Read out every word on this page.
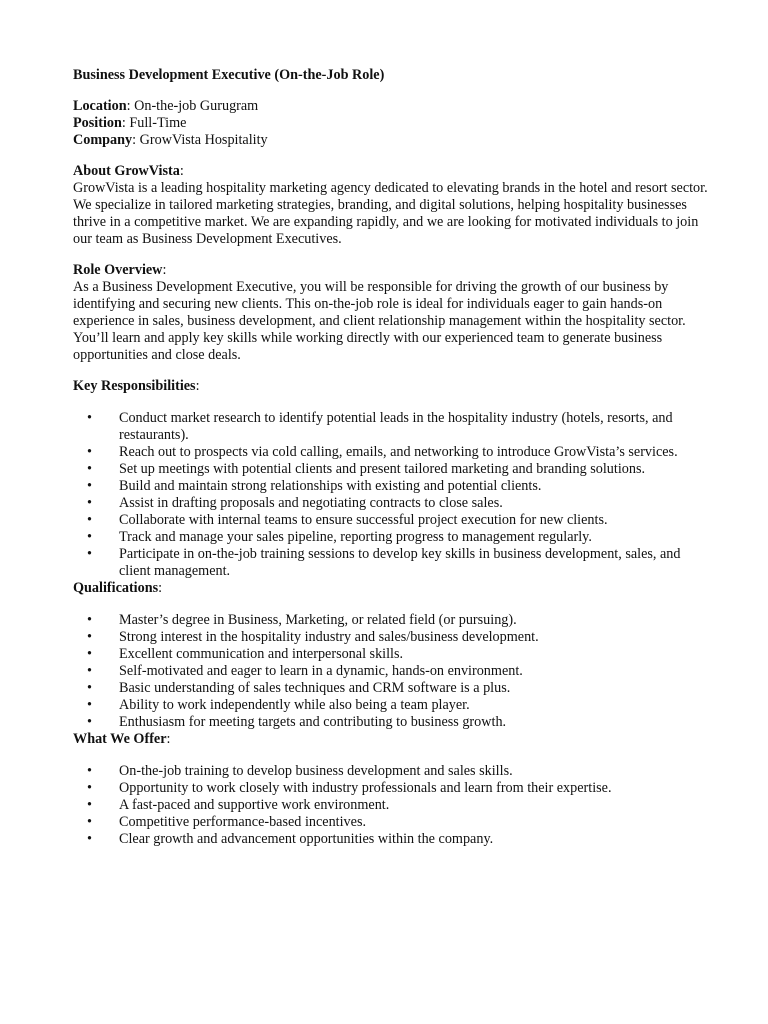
Business Development Executive (On-the-Job Role)
Location: On-the-job Gurugram
Position: Full-Time
Company: GrowVista Hospitality
About GrowVista:
GrowVista is a leading hospitality marketing agency dedicated to elevating brands in the hotel and resort sector. We specialize in tailored marketing strategies, branding, and digital solutions, helping hospitality businesses thrive in a competitive market. We are expanding rapidly, and we are looking for motivated individuals to join our team as Business Development Executives.
Role Overview:
As a Business Development Executive, you will be responsible for driving the growth of our business by identifying and securing new clients. This on-the-job role is ideal for individuals eager to gain hands-on experience in sales, business development, and client relationship management within the hospitality sector. You’ll learn and apply key skills while working directly with our experienced team to generate business opportunities and close deals.
Key Responsibilities:
• Conduct market research to identify potential leads in the hospitality industry (hotels, resorts, and restaurants).
• Reach out to prospects via cold calling, emails, and networking to introduce GrowVista’s services.
• Set up meetings with potential clients and present tailored marketing and branding solutions.
• Build and maintain strong relationships with existing and potential clients.
• Assist in drafting proposals and negotiating contracts to close sales.
• Collaborate with internal teams to ensure successful project execution for new clients.
• Track and manage your sales pipeline, reporting progress to management regularly.
• Participate in on-the-job training sessions to develop key skills in business development, sales, and client management.
Qualifications:
• Master’s degree in Business, Marketing, or related field (or pursuing).
• Strong interest in the hospitality industry and sales/business development.
• Excellent communication and interpersonal skills.
• Self-motivated and eager to learn in a dynamic, hands-on environment.
• Basic understanding of sales techniques and CRM software is a plus.
• Ability to work independently while also being a team player.
• Enthusiasm for meeting targets and contributing to business growth.
What We Offer:
• On-the-job training to develop business development and sales skills.
• Opportunity to work closely with industry professionals and learn from their expertise.
• A fast-paced and supportive work environment.
• Competitive performance-based incentives.
• Clear growth and advancement opportunities within the company.
